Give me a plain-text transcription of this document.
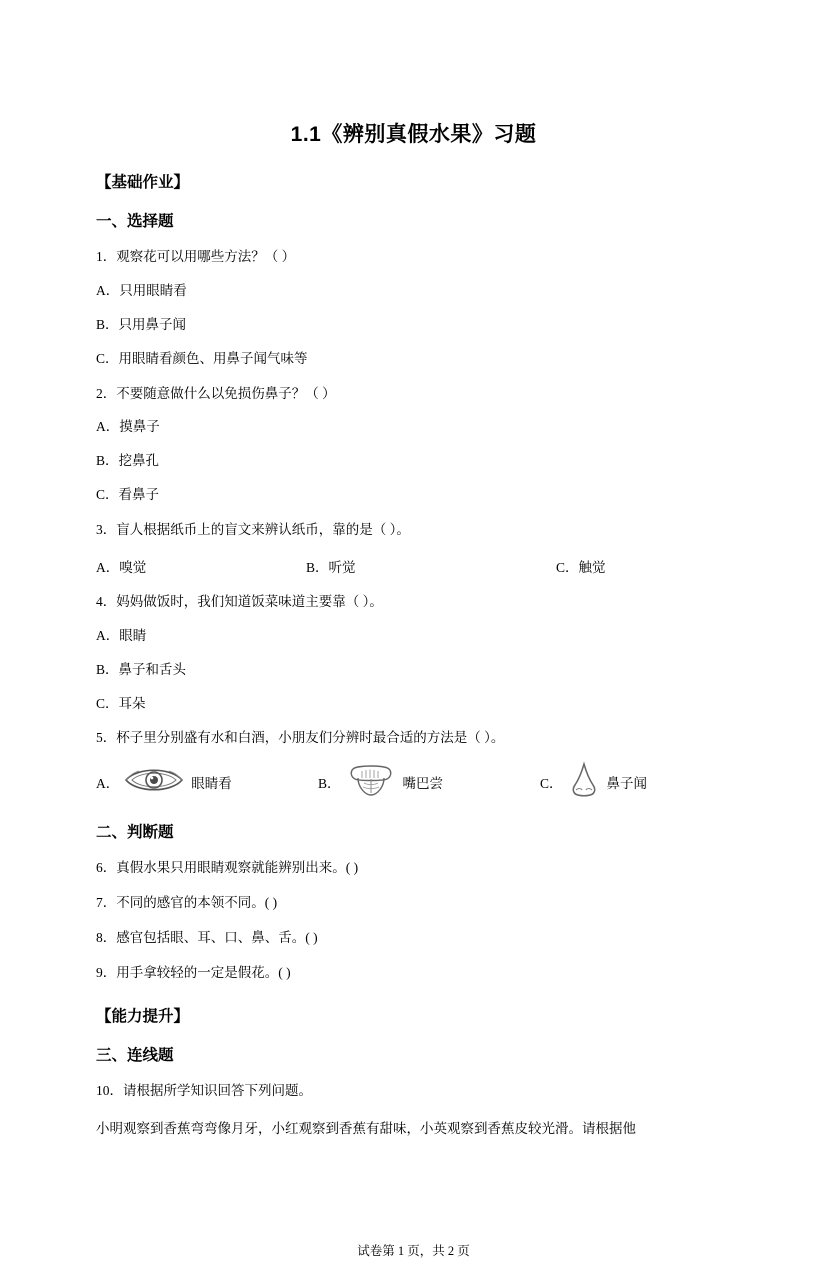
1.1《辨别真假水果》习题
【基础作业】
一、选择题
1．观察花可以用哪些方法？（ ）
A．只用眼睛看
B．只用鼻子闻
C．用眼睛看颜色、用鼻子闻气味等
2．不要随意做什么以免损伤鼻子？（ ）
A．摸鼻子
B．挖鼻孔
C．看鼻子
3．盲人根据纸币上的盲文来辨认纸币，靠的是（ ）。
A．嗅觉	B．听觉	C．触觉
4．妈妈做饭时，我们知道饭菜味道主要靠（ ）。
A．眼睛
B．鼻子和舌头
C．耳朵
5．杯子里分别盛有水和白酒，小朋友们分辨时最合适的方法是（ ）。
A．	眼睛看	B．	嘴巴尝	C．	鼻子闻
二、判断题
6．真假水果只用眼睛观察就能辨别出来。( )
7．不同的感官的本领不同。( )
8．感官包括眼、耳、口、鼻、舌。( )
9．用手拿较轻的一定是假花。( )
【能力提升】
三、连线题
10．请根据所学知识回答下列问题。
小明观察到香蕉弯弯像月牙，小红观察到香蕉有甜味，小英观察到香蕉皮较光滑。请根据他
试卷第 1 页，共 2 页
